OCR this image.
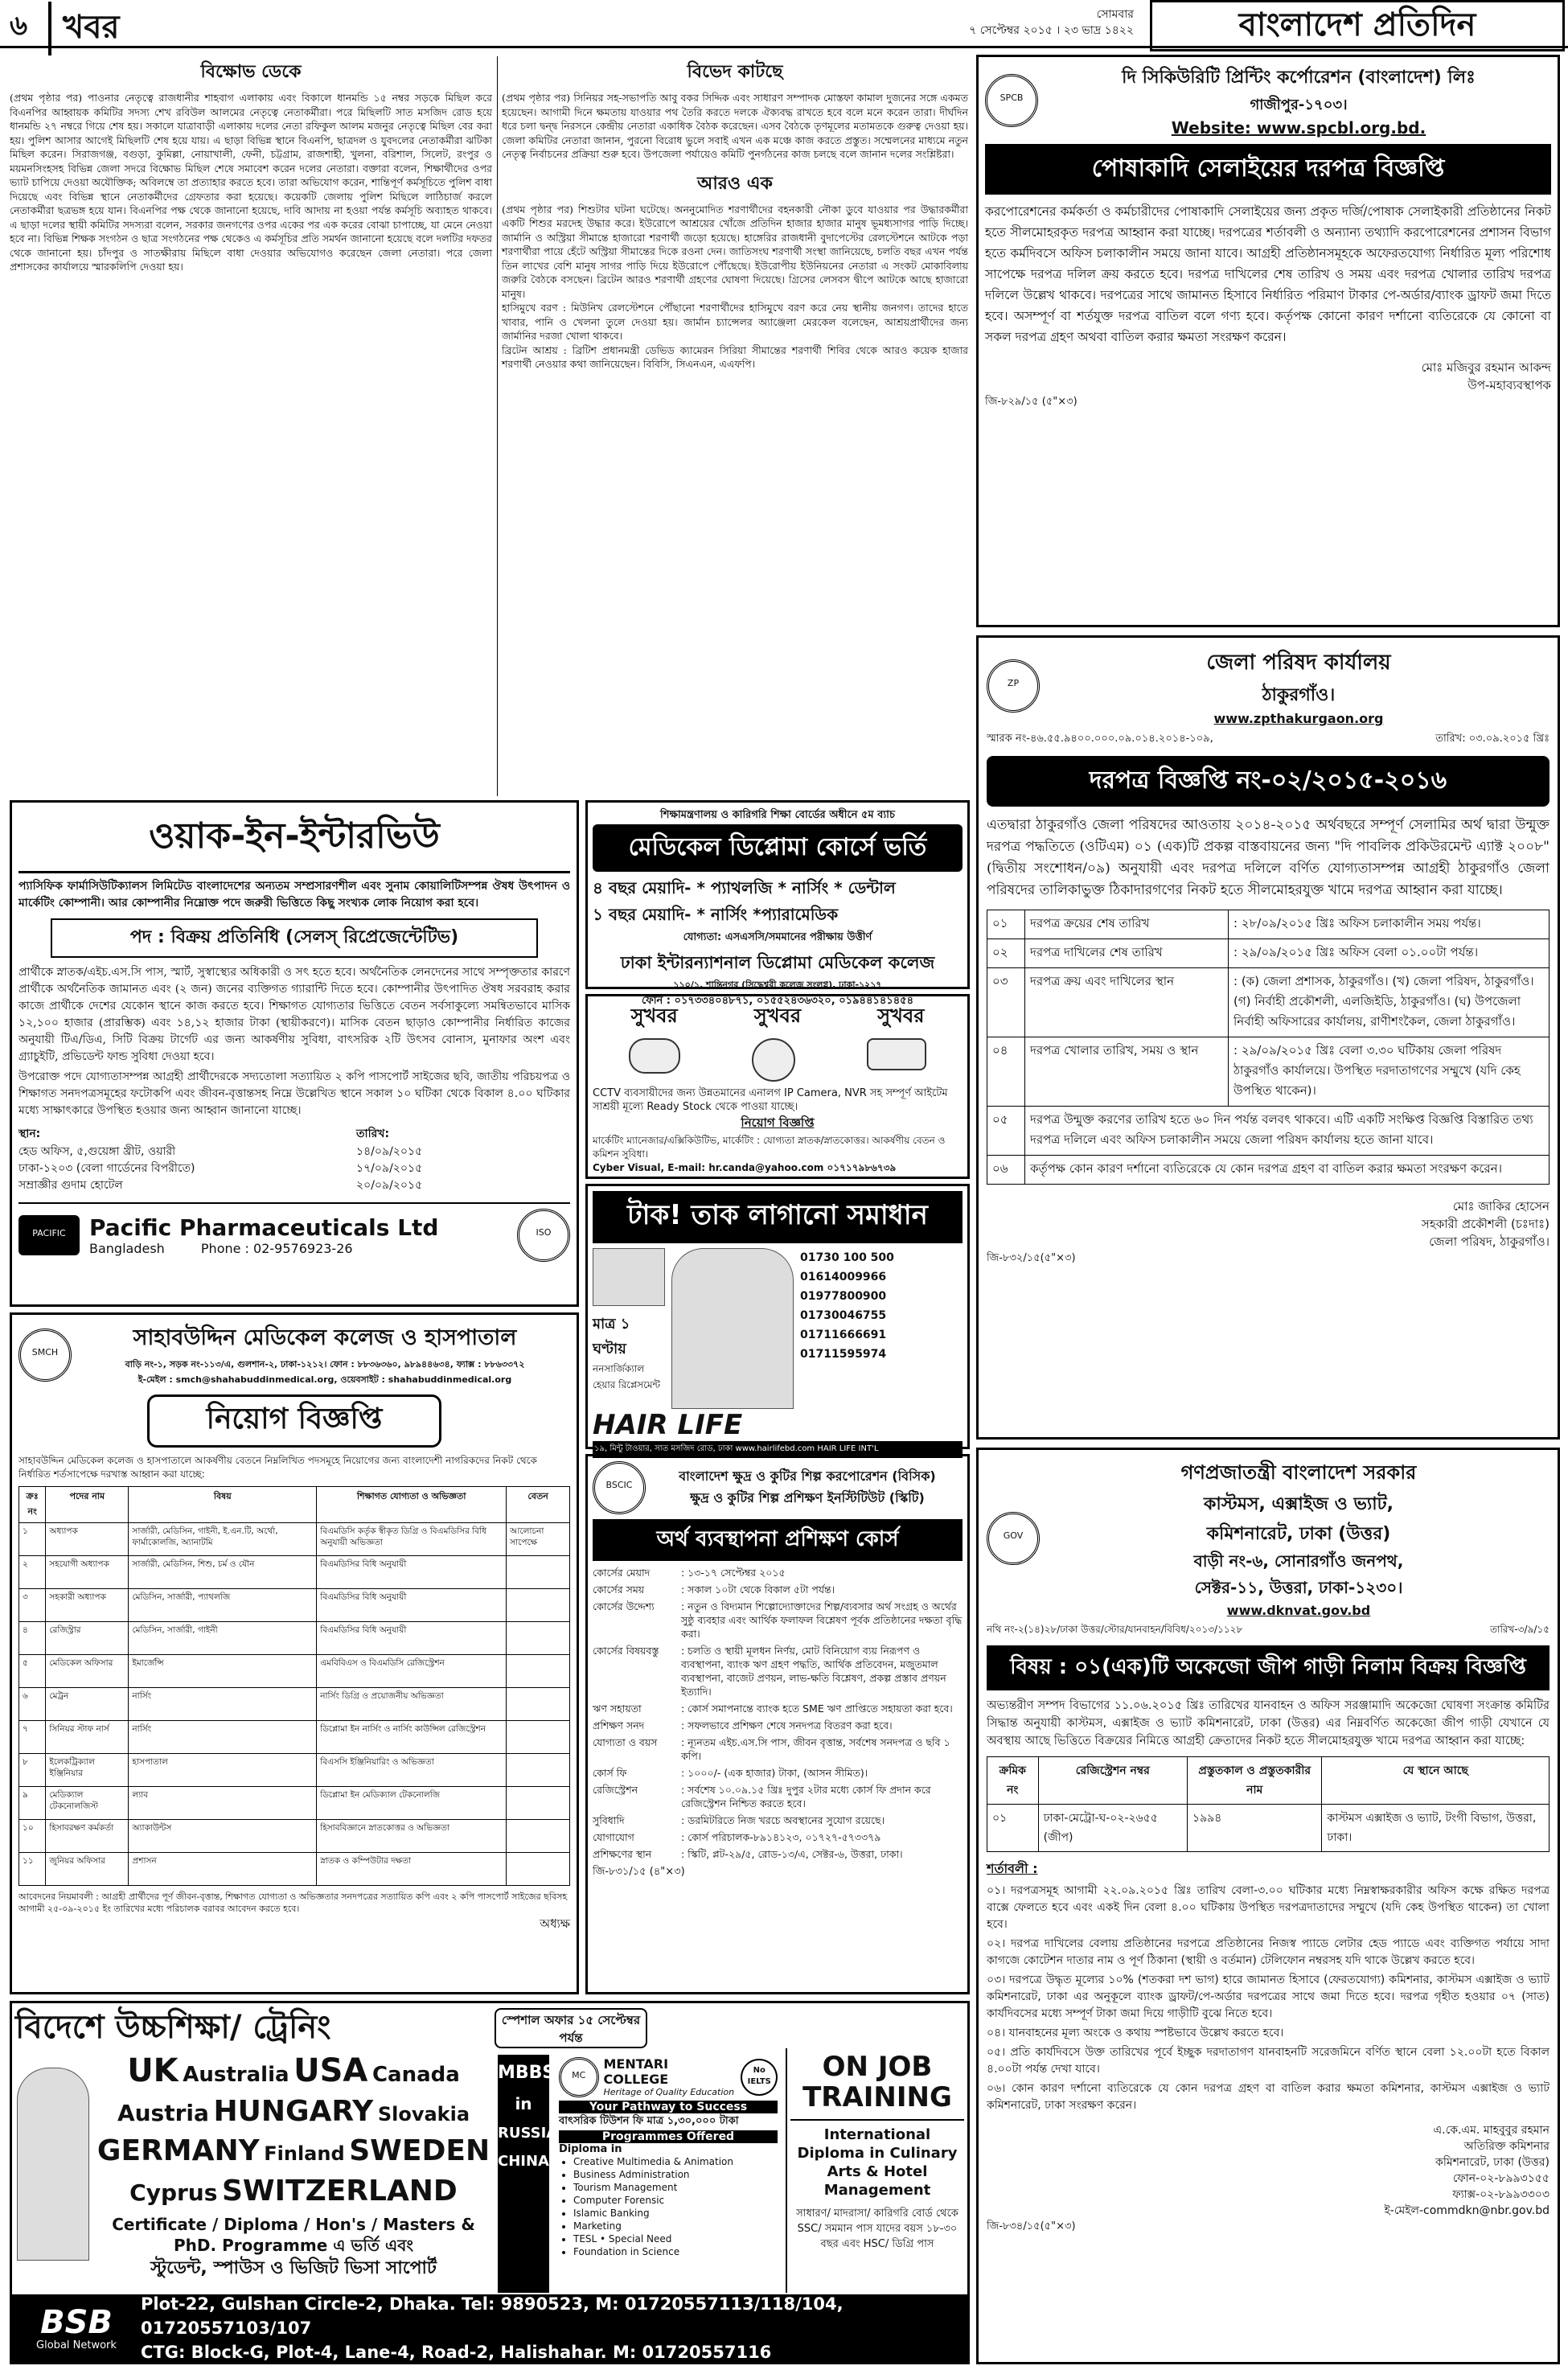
৬	খবর	সোমবার
৭ সেপ্টেম্বর ২০১৫ । ২৩ ভাদ্র ১৪২২	বাংলাদেশ প্রতিদিন
বিক্ষোভ ডেকে

(প্রথম পৃষ্ঠার পর) পাওনার নেতৃত্বে রাজধানীর শাহবাগ এলাকায় এবং বিকালে ধানমন্ডি ১৫ নম্বর সড়কে মিছিল করে বিএনপির আহ্বায়ক কমিটির সদস্য শেখ রবিউল আলমের নেতৃত্বে নেতাকর্মীরা। পরে মিছিলটি সাত মসজিদ রোড হয়ে ধানমন্ডি ২৭ নম্বরে গিয়ে শেষ হয়। সকালে যাত্রাবাড়ী এলাকায় দলের নেতা রফিকুল আলম মজনুর নেতৃত্বে মিছিল বের করা হয়। পুলিশ আসার আগেই মিছিলটি শেষ হয়ে যায়। এ ছাড়া বিভিন্ন স্থানে বিএনপি, ছাত্রদল ও যুবদলের নেতাকর্মীরা ঝটিকা মিছিল করেন। সিরাজগঞ্জ, বগুড়া, কুমিল্লা, নোয়াখালী, ফেনী, চট্টগ্রাম, রাজশাহী, খুলনা, বরিশাল, সিলেট, রংপুর ও ময়মনসিংহসহ বিভিন্ন জেলা সদরে বিক্ষোভ মিছিল শেষে সমাবেশ করেন দলের নেতারা। বক্তারা বলেন, শিক্ষার্থীদের ওপর ভ্যাট চাপিয়ে দেওয়া অযৌক্তিক; অবিলম্বে তা প্রত্যাহার করতে হবে। তারা অভিযোগ করেন, শান্তিপূর্ণ কর্মসূচিতে পুলিশ বাধা দিয়েছে এবং বিভিন্ন স্থানে নেতাকর্মীদের গ্রেফতার করা হয়েছে। কয়েকটি জেলায় পুলিশ মিছিলে লাঠিচার্জ করলে নেতাকর্মীরা ছত্রভঙ্গ হয়ে যান। বিএনপির পক্ষ থেকে জানানো হয়েছে, দাবি আদায় না হওয়া পর্যন্ত কর্মসূচি অব্যাহত থাকবে। এ ছাড়া দলের স্থায়ী কমিটির সদস্যরা বলেন, সরকার জনগণের ওপর একের পর এক করের বোঝা চাপাচ্ছে, যা মেনে নেওয়া হবে না। বিভিন্ন শিক্ষক সংগঠন ও ছাত্র সংগঠনের পক্ষ থেকেও এ কর্মসূচির প্রতি সমর্থন জানানো হয়েছে বলে দলটির দফতর থেকে জানানো হয়। চাঁদপুর ও সাতক্ষীরায় মিছিলে বাধা দেওয়ার অভিযোগও করেছেন জেলা নেতারা। পরে জেলা প্রশাসকের কার্যালয়ে স্মারকলিপি দেওয়া হয়।

বিভেদ কাটছে

(প্রথম পৃষ্ঠার পর) সিনিয়র সহ-সভাপতি আবু বকর সিদ্দিক এবং সাধারণ সম্পাদক মোস্তফা কামাল দুজনের সঙ্গে একমত হয়েছেন। আগামী দিনে ক্ষমতায় যাওয়ার পথ তৈরি করতে দলকে ঐক্যবদ্ধ রাখতে হবে বলে মনে করেন তারা। দীর্ঘদিন ধরে চলা দ্বন্দ্ব নিরসনে কেন্দ্রীয় নেতারা একাধিক বৈঠক করেছেন। এসব বৈঠকে তৃণমূলের মতামতকে গুরুত্ব দেওয়া হয়। জেলা কমিটির নেতারা জানান, পুরনো বিরোধ ভুলে সবাই এখন এক মঞ্চে কাজ করতে প্রস্তুত। সম্মেলনের মাধ্যমে নতুন নেতৃত্ব নির্বাচনের প্রক্রিয়া শুরু হবে। উপজেলা পর্যায়েও কমিটি পুনর্গঠনের কাজ চলছে বলে জানান দলের সংশ্লিষ্টরা।

আরও এক

(প্রথম পৃষ্ঠার পর) শিশুটার ঘটনা ঘটেছে। অননুমোদিত শরণার্থীদের বহনকারী নৌকা ডুবে যাওয়ার পর উদ্ধারকর্মীরা একটি শিশুর মরদেহ উদ্ধার করে। ইউরোপে আশ্রয়ের খোঁজে প্রতিদিন হাজার হাজার মানুষ ভূমধ্যসাগর পাড়ি দিচ্ছে। জার্মানি ও অস্ট্রিয়া সীমান্তে হাজারো শরণার্থী জড়ো হয়েছে। হাঙ্গেরির রাজধানী বুদাপেস্টের রেলস্টেশনে আটকে পড়া শরণার্থীরা পায়ে হেঁটে অস্ট্রিয়া সীমান্তের দিকে রওনা দেন। জাতিসংঘ শরণার্থী সংস্থা জানিয়েছে, চলতি বছর এখন পর্যন্ত তিন লাখের বেশি মানুষ সাগর পাড়ি দিয়ে ইউরোপে পৌঁছেছে। ইউরোপীয় ইউনিয়নের নেতারা এ সংকট মোকাবিলায় জরুরি বৈঠকে বসছেন। ব্রিটেন আরও শরণার্থী গ্রহণের ঘোষণা দিয়েছে। গ্রিসের লেসবস দ্বীপে আটকে আছে হাজারো মানুষ।
হাসিমুখে বরণ : মিউনিখ রেলস্টেশনে পৌঁছানো শরণার্থীদের হাসিমুখে বরণ করে নেয় স্থানীয় জনগণ। তাদের হাতে খাবার, পানি ও খেলনা তুলে দেওয়া হয়। জার্মান চ্যান্সেলর অ্যাঞ্জেলা মেরকেল বলেছেন, আশ্রয়প্রার্থীদের জন্য জার্মানির দরজা খোলা থাকবে।
ব্রিটেন আশ্রয় : ব্রিটিশ প্রধানমন্ত্রী ডেভিড ক্যামেরন সিরিয়া সীমান্তের শরণার্থী শিবির থেকে আরও কয়েক হাজার শরণার্থী নেওয়ার কথা জানিয়েছেন। বিবিসি, সিএনএন, এএফপি।

SPCB
দি সিকিউরিটি প্রিন্টিং কর্পোরেশন (বাংলাদেশ) লিঃ
গাজীপুর-১৭০৩।
Website: www.spcbl.org.bd.
পোষাকাদি সেলাইয়ের দরপত্র বিজ্ঞপ্তি
করপোরেশনের কর্মকর্তা ও কর্মচারীদের পোষাকাদি সেলাইয়ের জন্য প্রকৃত দর্জি/পোষাক সেলাইকারী প্রতিষ্ঠানের নিকট হতে সীলমোহরকৃত দরপত্র আহ্বান করা যাচ্ছে। দরপত্রের শর্তাবলী ও অন্যান্য তথ্যাদি করপোরেশনের প্রশাসন বিভাগ হতে কর্মদিবসে অফিস চলাকালীন সময়ে জানা যাবে। আগ্রহী প্রতিষ্ঠানসমূহকে অফেরতযোগ্য নির্ধারিত মূল্য পরিশোধ সাপেক্ষে দরপত্র দলিল ক্রয় করতে হবে। দরপত্র দাখিলের শেষ তারিখ ও সময় এবং দরপত্র খোলার তারিখ দরপত্র দলিলে উল্লেখ থাকবে। দরপত্রের সাথে জামানত হিসাবে নির্ধারিত পরিমাণ টাকার পে-অর্ডার/ব্যাংক ড্রাফট জমা দিতে হবে। অসম্পূর্ণ বা শর্তযুক্ত দরপত্র বাতিল বলে গণ্য হবে। কর্তৃপক্ষ কোনো কারণ দর্শানো ব্যতিরেকে যে কোনো বা সকল দরপত্র গ্রহণ অথবা বাতিল করার ক্ষমতা সংরক্ষণ করেন।
মোঃ মজিবুর রহমান আকন্দ
উপ-মহাব্যবস্থাপক
জি-৮২৯/১৫ (৫"×৩)
ZP
জেলা পরিষদ কার্যালয়
ঠাকুরগাঁও।
www.zpthakurgaon.org
স্মারক নং-৪৬.৫৫.৯৪০০.০০০.০৯.০১৪.২০১৪-১০৯,	তারিখ: ০৩.০৯.২০১৫ খ্রিঃ
দরপত্র বিজ্ঞপ্তি নং-০২/২০১৫-২০১৬
এতদ্বারা ঠাকুরগাঁও জেলা পরিষদের আওতায় ২০১৪-২০১৫ অর্থবছরে সম্পূর্ণ সেলামির অর্থ দ্বারা উন্মুক্ত দরপত্র পদ্ধতিতে (ওটিএম) ০১ (এক)টি প্রকল্প বাস্তবায়নের জন্য "দি পাবলিক প্রকিউরমেন্ট এ্যাক্ট ২০০৮" (দ্বিতীয় সংশোধন/০৯) অনুযায়ী এবং দরপত্র দলিলে বর্ণিত যোগ্যতাসম্পন্ন আগ্রহী ঠাকুরগাঁও জেলা পরিষদের তালিকাভুক্ত ঠিকাদারগণের নিকট হতে সীলমোহরযুক্ত খামে দরপত্র আহ্বান করা যাচ্ছে।
০১	দরপত্র ক্রয়ের শেষ তারিখ	: ২৮/০৯/২০১৫ খ্রিঃ অফিস চলাকালীন সময় পর্যন্ত।
০২	দরপত্র দাখিলের শেষ তারিখ	: ২৯/০৯/২০১৫ খ্রিঃ অফিস বেলা ০১.০০টা পর্যন্ত।
০৩	দরপত্র ক্রয় এবং দাখিলের স্থান	: (ক) জেলা প্রশাসক, ঠাকুরগাঁও। (খ) জেলা পরিষদ, ঠাকুরগাঁও। (গ) নির্বাহী প্রকৌশলী, এলজিইডি, ঠাকুরগাঁও। (ঘ) উপজেলা নির্বাহী অফিসারের কার্যালয়, রাণীশংকৈল, জেলা ঠাকুরগাঁও।
০৪	দরপত্র খোলার তারিখ, সময় ও স্থান	: ২৯/০৯/২০১৫ খ্রিঃ বেলা ৩.৩০ ঘটিকায় জেলা পরিষদ ঠাকুরগাঁও কার্যালয়ে। উপস্থিত দরদাতাগণের সম্মুখে (যদি কেহ উপস্থিত থাকেন)।
০৫	দরপত্র উন্মুক্ত করণের তারিখ হতে ৬০ দিন পর্যন্ত বলবৎ থাকবে। এটি একটি সংক্ষিপ্ত বিজ্ঞপ্তি বিস্তারিত তথ্য দরপত্র দলিলে এবং অফিস চলাকালীন সময়ে জেলা পরিষদ কার্যালয় হতে জানা যাবে।	
০৬	কর্তৃপক্ষ কোন কারণ দর্শানো ব্যতিরেকে যে কোন দরপত্র গ্রহণ বা বাতিল করার ক্ষমতা সংরক্ষণ করেন।	
মোঃ জাকির হোসেন
সহকারী প্রকৌশলী (চঃদাঃ)
জেলা পরিষদ, ঠাকুরগাঁও।
জি-৮৩২/১৫(৫"×৩)
ওয়াক-ইন-ইন্টারভিউ
প্যাসিফিক ফার্মাসিউটিক্যালস লিমিটেড বাংলাদেশের অন্যতম সম্প্রসারণশীল এবং সুনাম কোয়ালিটিসম্পন্ন ঔষধ উৎপাদন ও মার্কেটিং কোম্পানী। আর কোম্পানীর নিম্নোক্ত পদে জরুরী ভিত্তিতে কিছু সংখ্যক লোক নিয়োগ করা হবে।
পদ : বিক্রয় প্রতিনিধি (সেলস্ রিপ্রেজেন্টেটিভ)
প্রার্থীকে স্নাতক/এইচ.এস.সি পাস, স্মার্ট, সুস্বাস্থ্যের অধিকারী ও সৎ হতে হবে। অর্থনৈতিক লেনদেনের সাথে সম্পৃক্ততার কারণে প্রার্থীকে অর্থনৈতিক জামানত এবং (২ জন) জনের ব্যক্তিগত গ্যারান্টি দিতে হবে। কোম্পানীর উৎপাদিত ঔষধ সরবরাহ করার কাজে প্রার্থীকে দেশের যেকোন স্থানে কাজ করতে হবে। শিক্ষাগত যোগ্যতার ভিত্তিতে বেতন সর্বসাকুল্যে সমন্বিতভাবে মাসিক ১২,১০০ হাজার (প্রারম্ভিক) এবং ১৪,১২ হাজার টাকা (স্থায়ীকরণে)। মাসিক বেতন ছাড়াও কোম্পানীর নির্ধারিত কাজের অনুযায়ী টিএ/ডিএ, সিটি বিক্রয় টার্গেট এর জন্য আকর্ষণীয় সুবিধা, বাৎসরিক ২টি উৎসব বোনাস, মুনাফার অংশ এবং গ্র্যাচুইটি, প্রভিডেন্ট ফান্ড সুবিধা দেওয়া হবে।
উপরোক্ত পদে যোগ্যতাসম্পন্ন আগ্রহী প্রার্থীদেরকে সদ্যতোলা সত্যায়িত ২ কপি পাসপোর্ট সাইজের ছবি, জাতীয় পরিচয়পত্র ও শিক্ষাগত সনদপত্রসমূহের ফটোকপি এবং জীবন-বৃত্তান্তসহ নিম্নে উল্লেখিত স্থানে সকাল ১০ ঘটিকা থেকে বিকাল ৪.০০ ঘটিকার মধ্যে সাক্ষাৎকারে উপস্থিত হওয়ার জন্য আহ্বান জানানো যাচ্ছে।
স্থান:	তারিখ:
হেড অফিস, ৫,গুয়েঙ্গা খ্রীট, ওয়ারী	১৪/০৯/২০১৫
ঢাকা-১২০৩ (বেলা গার্ডেনের বিপরীতে)	১৭/০৯/২০১৫
সম্রাজ্ঞীর গুদাম হোটেল	২০/০৯/২০১৫
PACIFIC	Pacific Pharmaceuticals Ltd
Bangladesh	Phone : 02-9576923-26
ISO
শিক্ষামন্ত্রণালয় ও কারিগরি শিক্ষা বোর্ডের অধীনে ৫ম ব্যাচ
মেডিকেল ডিপ্লোমা কোর্সে ভর্তি
৪ বছর মেয়াদি- * প্যাথলজি * নার্সিং * ডেন্টাল
১ বছর মেয়াদি- * নার্সিং *প্যারামেডিক
যোগ্যতা: এসএসসি/সমমানের পরীক্ষায় উত্তীর্ণ
ঢাকা ইন্টারন্যাশনাল ডিপ্লোমা মেডিকেল কলেজ
১১০/১, শান্তিনগর (সিদ্ধেশ্বরী কলেজ সংলগ্ন), ঢাকা-১২১৭
ফোন : ০১৭৩৩৪০৪৮৭১, ০১৫৫২৪৩৬৩২০, ০১৯৪৪১৪১৪৫৪
সুখবর	সুখবর	সুখবর
CCTV ব্যবসায়ীদের জন্য উন্নতমানের এনালগ IP Camera, NVR সহ সম্পূর্ণ আইটেম সাশ্রয়ী মূল্যে Ready Stock থেকে পাওয়া যাচ্ছে।
নিয়োগ বিজ্ঞপ্তি
মার্কেটিং ম্যানেজার/এক্সিকিউটিভ, মার্কেটিং : যোগ্যতা স্নাতক/স্নাতকোত্তর। আকর্ষণীয় বেতন ও কমিশন সুবিধা।
Cyber Visual, E-mail: hr.canda@yahoo.com ০১৭১৭৯৮৬৭৩৯
টাক! তাক লাগানো সমাধান
মাত্র ১ ঘণ্টায়
ননসার্জিক্যাল হেয়ার রিপ্লেসমেন্ট
01730 100 500
01614009966
01977800900
01730046755
01711666691
01711595974
HAIR LIFE
১৯, মিন্টু টাওয়ার, সাত মসজিদ রোড, ঢাকা www.hairlifebd.com HAIR LIFE INT'L
SMCH
সাহাবউদ্দিন মেডিকেল কলেজ ও হাসপাতাল
বাড়ি নং-১, সড়ক নং-১১৩/এ, গুলশান-২, ঢাকা-১২১২। ফোন : ৮৮৩৬৩৬০, ৯৮৯৪৪৬৩৪, ফ্যাক্স : ৮৮৬৩৩৭২
ই-মেইল : smch@shahabuddinmedical.org, ওয়েবসাইট : shahabuddinmedical.org
নিয়োগ বিজ্ঞপ্তি
সাহাবউদ্দিন মেডিকেল কলেজ ও হাসপাতালে আকর্ষণীয় বেতনে নিম্নলিখিত পদসমূহে নিয়োগের জন্য বাংলাদেশী নাগরিকদের নিকট থেকে নির্ধারিত শর্তসাপেক্ষে দরখাস্ত আহ্বান করা যাচ্ছে:
ক্রঃ নং	পদের নাম	বিষয়	শিক্ষাগত যোগ্যতা ও অভিজ্ঞতা	বেতন
১	অধ্যাপক	সার্জারী, মেডিসিন, গাইনী, ই.এন.টি, অর্থো, ফার্মাকোলজি, অ্যানাটমি	বিএমডিসি কর্তৃক স্বীকৃত ডিগ্রি ও বিএমডিসির বিধি অনুযায়ী অভিজ্ঞতা	আলোচনা সাপেক্ষে
২	সহযোগী অধ্যাপক	সার্জারী, মেডিসিন, শিশু, চর্ম ও যৌন	বিএমডিসির বিধি অনুযায়ী	
৩	সহকারী অধ্যাপক	মেডিসিন, সার্জারী, প্যাথলজি	বিএমডিসির বিধি অনুযায়ী	
৪	রেজিস্ট্রার	মেডিসিন, সার্জারী, গাইনী	বিএমডিসির বিধি অনুযায়ী	
৫	মেডিকেল অফিসার	ইমার্জেন্সি	এমবিবিএস ও বিএমডিসি রেজিস্ট্রেশন	
৬	মেট্রন	নার্সিং	নার্সিং ডিগ্রি ও প্রয়োজনীয় অভিজ্ঞতা	
৭	সিনিয়র স্টাফ নার্স	নার্সিং	ডিপ্লোমা ইন নার্সিং ও নার্সিং কাউন্সিল রেজিস্ট্রেশন	
৮	ইলেকট্রিক্যাল ইঞ্জিনিয়ার	হাসপাতাল	বিএসসি ইঞ্জিনিয়ারিং ও অভিজ্ঞতা	
৯	মেডিক্যাল টেকনোলজিস্ট	ল্যাব	ডিপ্লোমা ইন মেডিক্যাল টেকনোলজি	
১০	হিসাবরক্ষণ কর্মকর্তা	অ্যাকাউন্টস	হিসাববিজ্ঞানে স্নাতকোত্তর ও অভিজ্ঞতা	
১১	জুনিয়র অফিসার	প্রশাসন	স্নাতক ও কম্পিউটার দক্ষতা	
আবেদনের নিয়মাবলী : আগ্রহী প্রার্থীদের পূর্ণ জীবন-বৃত্তান্ত, শিক্ষাগত যোগ্যতা ও অভিজ্ঞতার সনদপত্রের সত্যায়িত কপি এবং ২ কপি পাসপোর্ট সাইজের ছবিসহ আগামী ২৫-০৯-২০১৫ ইং তারিখের মধ্যে পরিচালক বরাবর আবেদন করতে হবে।
অধ্যক্ষ
BSCIC
বাংলাদেশ ক্ষুদ্র ও কুটির শিল্প করপোরেশন (বিসিক)
ক্ষুদ্র ও কুটির শিল্প প্রশিক্ষণ ইনস্টিটিউট (স্কিটি)
অর্থ ব্যবস্থাপনা প্রশিক্ষণ কোর্স
কোর্সের মেয়াদ	: ১৩-১৭ সেপ্টেম্বর ২০১৫
কোর্সের সময়	: সকাল ১০টা থেকে বিকাল ৫টা পর্যন্ত।
কোর্সের উদ্দেশ্য	: নতুন ও বিদ্যমান শিল্পোদ্যোক্তাদের শিল্প/ব্যবসার অর্থ সংগ্রহ ও অর্থের সুষ্ঠু ব্যবহার এবং আর্থিক ফলাফল বিশ্লেষণ পূর্বক প্রতিষ্ঠানের দক্ষতা বৃদ্ধি করা।
কোর্সের বিষয়বস্তু	: চলতি ও স্থায়ী মূলধন নির্ণয়, মোট বিনিয়োগ ব্যয় নিরূপণ ও ব্যবস্থাপনা, ব্যাংক ঋণ গ্রহণ পদ্ধতি, আর্থিক প্রতিবেদন, মজুতমাল ব্যবস্থাপনা, বাজেট প্রণয়ন, লাভ-ক্ষতি বিশ্লেষণ, প্রকল্প প্রস্তাব প্রণয়ন ইত্যাদি।
ঋণ সহায়তা	: কোর্স সমাপনান্তে ব্যাংক হতে SME ঋণ প্রাপ্তিতে সহায়তা করা হবে।
প্রশিক্ষণ সনদ	: সফলভাবে প্রশিক্ষণ শেষে সনদপত্র বিতরণ করা হবে।
যোগ্যতা ও বয়স	: ন্যূনতম এইচ.এস.সি পাস, জীবন বৃত্তান্ত, সর্বশেষ সনদপত্র ও ছবি ১ কপি।
কোর্স ফি	: ১০০০/- (এক হাজার) টাকা, (আসন সীমিত)।
রেজিস্ট্রেশন	: সর্বশেষ ১০.০৯.১৫ খ্রিঃ দুপুর ২টার মধ্যে কোর্স ফি প্রদান করে রেজিস্ট্রেশন নিশ্চিত করতে হবে।
সুবিধাদি	: ডরমিটরিতে নিজ খরচে অবস্থানের সুযোগ রয়েছে।
যোগাযোগ	: কোর্স পরিচালক-৮৯১৪১২৩, ০১৭২৭-৫৭৩৩৭৯
প্রশিক্ষণের স্থান	: স্কিটি, প্লট-২৯/৫, রোড-১৩/এ, সেক্টর-৬, উত্তরা, ঢাকা।
জি-৮৩১/১৫ (৪"×৩)
GOV
গণপ্রজাতন্ত্রী বাংলাদেশ সরকার
কাস্টমস, এক্সাইজ ও ভ্যাট,
কমিশনারেট, ঢাকা (উত্তর)
বাড়ী নং-৬, সোনারগাঁও জনপথ,
সেক্টর-১১, উত্তরা, ঢাকা-১২৩০।
www.dknvat.gov.bd
নথি নং-২(১৪)২৮/ঢাকা উত্তর/স্টোর/যানবাহন/বিবিধ/২০১৩/১১২৮	তারিখ-৩/৯/১৫
বিষয় : ০১(এক)টি অকেজো জীপ গাড়ী নিলাম বিক্রয় বিজ্ঞপ্তি
অভ্যন্তরীণ সম্পদ বিভাগের ১১.০৬.২০১৫ খ্রিঃ তারিখের যানবাহন ও অফিস সরঞ্জামাদি অকেজো ঘোষণা সংক্রান্ত কমিটির সিদ্ধান্ত অনুযায়ী কাস্টমস, এক্সাইজ ও ভ্যাট কমিশনারেট, ঢাকা (উত্তর) এর নিম্নবর্ণিত অকেজো জীপ গাড়ী যেখানে যে অবস্থায় আছে ভিত্তিতে বিক্রয়ের নিমিত্তে আগ্রহী ক্রেতাদের নিকট হতে সীলমোহরযুক্ত খামে দরপত্র আহ্বান করা যাচ্ছে:
ক্রমিক নং	রেজিস্ট্রেশন নম্বর	প্রস্তুতকাল ও প্রস্তুতকারীর নাম	যে স্থানে আছে
০১	ঢাকা-মেট্রো-ঘ-০২-২৬৫৫ (জীপ)	১৯৯৪	কাস্টমস এক্সাইজ ও ভ্যাট, টংগী বিভাগ, উত্তরা, ঢাকা।
শর্তাবলী :
০১। দরপত্রসমূহ আগামী ২২.০৯.২০১৫ খ্রিঃ তারিখ বেলা-৩.০০ ঘটিকার মধ্যে নিম্নস্বাক্ষরকারীর অফিস কক্ষে রক্ষিত দরপত্র বাক্সে ফেলতে হবে এবং একই দিন বেলা ৪.০০ ঘটিকায় উপস্থিত দরপত্রদাতাদের সম্মুখে (যদি কেহ উপস্থিত থাকেন) তা খোলা হবে।
০২। দরপত্র দাখিলের বেলায় প্রতিষ্ঠানের দরপত্রে প্রতিষ্ঠানের নিজস্ব প্যাডে লেটার হেড প্যাডে এবং ব্যক্তিগত পর্যায়ে সাদা কাগজে কোটেশন দাতার নাম ও পূর্ণ ঠিকানা (স্থায়ী ও বর্তমান) টেলিফোন নম্বরসহ যদি থাকে উল্লেখ করতে হবে।
০৩। দরপত্রে উদ্ধৃত মূল্যের ১০% (শতকরা দশ ভাগ) হারে জামানত হিসাবে (ফেরতযোগ্য) কমিশনার, কাস্টমস এক্সাইজ ও ভ্যাট কমিশনারেট, ঢাকা এর অনুকূলে ব্যাংক ড্রাফট/পে-অর্ডার দরপত্রের সাথে জমা দিতে হবে। দরপত্র গৃহীত হওয়ার ০৭ (সাত) কার্যদিবসের মধ্যে সম্পূর্ণ টাকা জমা দিয়ে গাড়ীটি বুঝে নিতে হবে।
০৪। যানবাহনের মূল্য অংকে ও কথায় স্পষ্টভাবে উল্লেখ করতে হবে।
০৫। প্রতি কার্যদিবসে উক্ত তারিখের পূর্বে ইচ্ছুক দরদাতাগণ যানবাহনটি সরেজমিনে বর্ণিত স্থানে বেলা ১২.০০টা হতে বিকাল ৪.০০টা পর্যন্ত দেখা যাবে।
০৬। কোন কারণ দর্শানো ব্যতিরেকে যে কোন দরপত্র গ্রহণ বা বাতিল করার ক্ষমতা কমিশনার, কাস্টমস এক্সাইজ ও ভ্যাট কমিশনারেট, ঢাকা সংরক্ষণ করেন।
এ.কে.এম. মাহবুবুর রহমান
অতিরিক্ত কমিশনার
কমিশনারেট, ঢাকা (উত্তর)
ফোন-০২-৮৯৯৩১৫৫
ফ্যাক্স-০২-৮৯৯৩৩০৩
ই-মেইল-commdkn@nbr.gov.bd
জি-৮৩৪/১৫(৫"×৩)
বিদেশে উচ্চশিক্ষা/ ট্রেনিং
UK Australia USA Canada
Austria HUNGARY Slovakia
GERMANY Finland SWEDEN
Cyprus SWITZERLAND
Certificate / Diploma / Hon's / Masters & PhD. Programme এ ভর্তি এবং
স্টুডেন্ট, স্পাউস ও ভিজিট ভিসা সাপোর্ট
স্পেশাল অফার ১৫ সেপ্টেম্বর পর্যন্ত
MBBS
in
RUSSIA
CHINA
MC
MENTARI COLLEGE
Heritage of Quality Education
No IELTS
Your Pathway to Success
বাৎসরিক টিউশন ফি মাত্র ১,৩০,০০০ টাকা
Programmes Offered
Diploma in
• Creative Multimedia & Animation
• Business Administration
• Tourism Management
• Computer Forensic
• Islamic Banking
• Marketing
• TESL • Special Need
• Foundation in Science
ON JOB TRAINING
International Diploma in Culinary Arts & Hotel Management
সাধারণ/ মাদরাসা/ কারিগরি বোর্ড থেকে SSC/ সমমান পাস যাদের বয়স ১৮-৩০ বছর এবং HSC/ ডিগ্রি পাস
BSB
Global Network
Plot-22, Gulshan Circle-2, Dhaka. Tel: 9890523, M: 01720557113/118/104, 01720557103/107
CTG: Block-G, Plot-4, Lane-4, Road-2, Halishahar. M: 01720557116
